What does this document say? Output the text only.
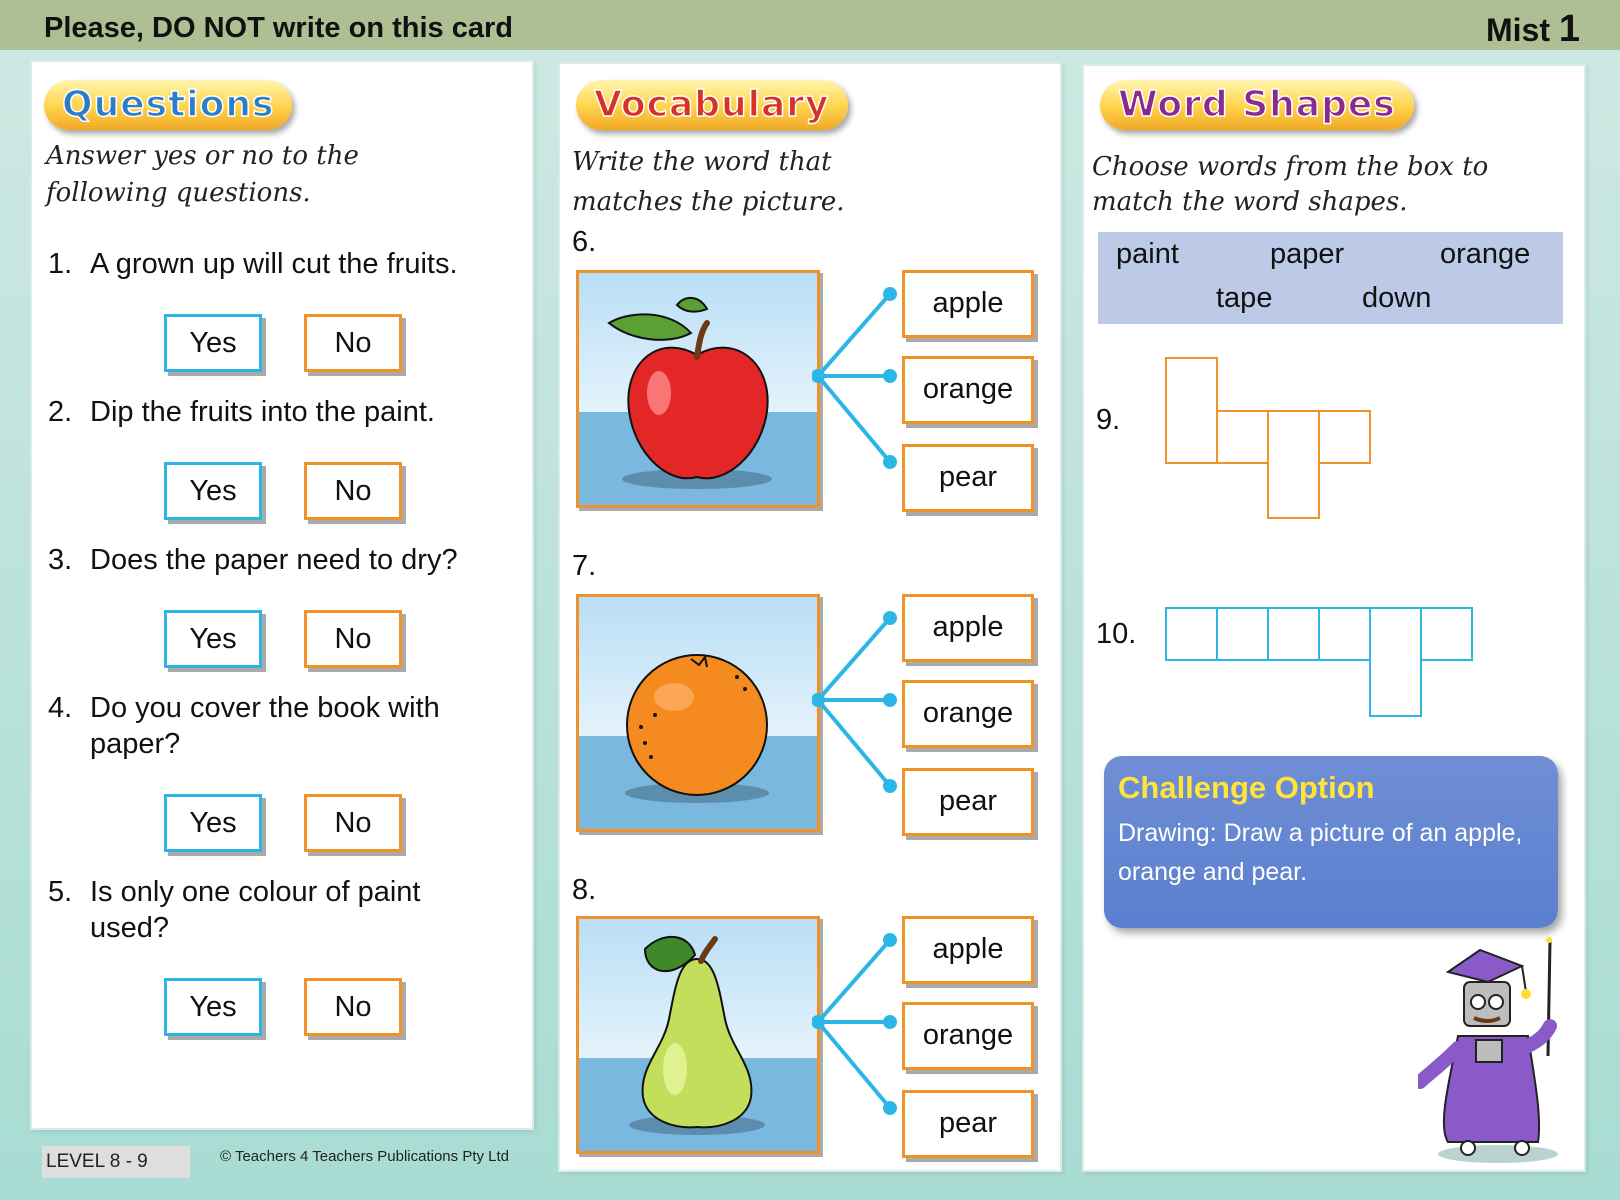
Please, DO NOT write on this card	Mist 1
Questions
Answer yes or no to the following questions.
1. A grown up will cut the fruits.
Yes	No
2. Dip the fruits into the paint.
Yes	No
3. Does the paper need to dry?
Yes	No
4. Do you cover the book with paper?
Yes	No
5. Is only one colour of paint used?
Yes	No
Vocabulary
Write the word that matches the picture.
6.
apple
orange
pear
7.
apple
orange
pear
8.
apple
orange
pear
Word Shapes
Choose words from the box to match the word shapes.
paint	paper	orange
tape	down
9.
10.
Challenge Option
Drawing: Draw a picture of an apple, orange and pear.
LEVEL 8 - 9	© Teachers 4 Teachers Publications Pty Ltd
